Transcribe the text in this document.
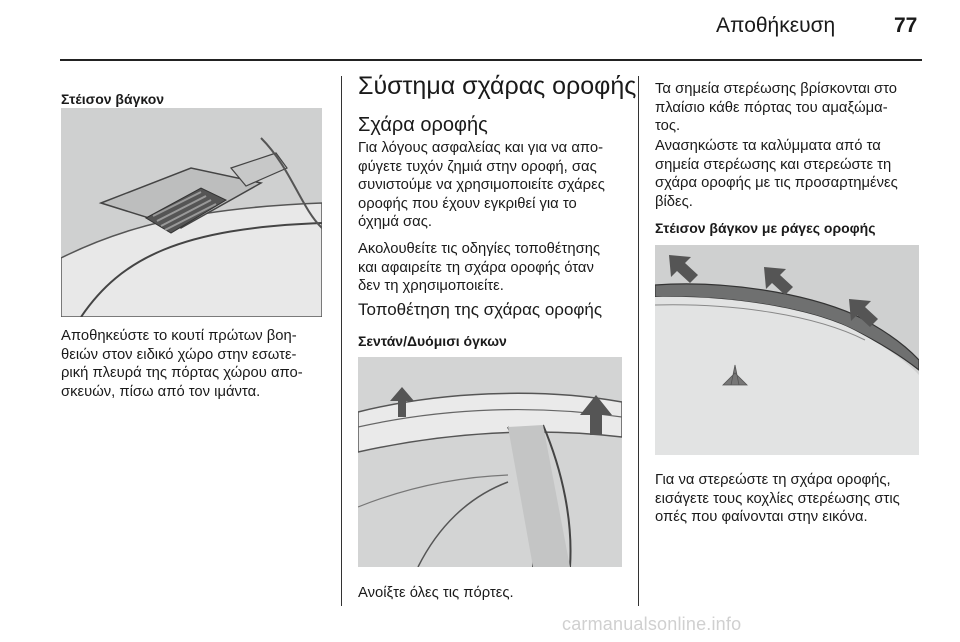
Αποθήκευση	77
Στέισον βάγκον
Αποθηκεύστε το κουτί πρώτων βοη-
θειών στον ειδικό χώρο στην εσωτε-
ρική πλευρά της πόρτας χώρου απο-
σκευών, πίσω από τον ιμάντα.
Σύστημα σχάρας οροφής
Σχάρα οροφής
Για λόγους ασφαλείας και για να απο-
φύγετε τυχόν ζημιά στην οροφή, σας
συνιστούμε να χρησιμοποιείτε σχάρες
οροφής που έχουν εγκριθεί για το
όχημά σας.
Ακολουθείτε τις οδηγίες τοποθέτησης
και αφαιρείτε τη σχάρα οροφής όταν
δεν τη χρησιμοποιείτε.
Τοποθέτηση της σχάρας οροφής
Σεντάν/Δυόμισι όγκων
Ανοίξτε όλες τις πόρτες.
Τα σημεία στερέωσης βρίσκονται στο
πλαίσιο κάθε πόρτας του αμαξώμα-
τος.
Ανασηκώστε τα καλύμματα από τα
σημεία στερέωσης και στερεώστε τη
σχάρα οροφής με τις προσαρτημένες
βίδες.
Στέισον βάγκον με ράγες οροφής
Για να στερεώστε τη σχάρα οροφής,
εισάγετε τους κοχλίες στερέωσης στις
οπές που φαίνονται στην εικόνα.
carmanualsonline.info
